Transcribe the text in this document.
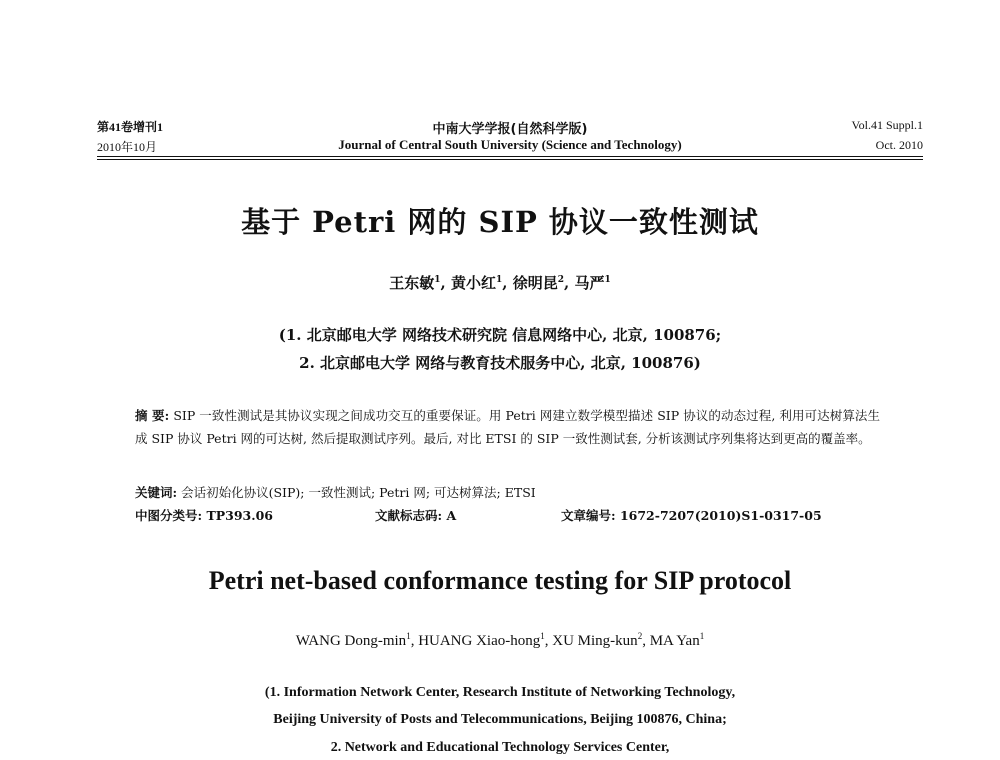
第41卷增刊1
2010年10月
中南大学学报(自然科学版)
Journal of Central South University (Science and Technology)
Vol.41 Suppl.1
Oct. 2010
基于 Petri 网的 SIP 协议一致性测试
王东敏$^1$, 黄小红$^1$, 徐明昆$^2$, 马严$^1$
(1. 北京邮电大学 网络技术研究院 信息网络中心, 北京, 100876;
2. 北京邮电大学 网络与教育技术服务中心, 北京, 100876)
摘 要: SIP 一致性测试是其协议实现之间成功交互的重要保证。用 Petri 网建立数学模型描述 SIP 协议的动态过程, 利用可达树算法生成 SIP 协议 Petri 网的可达树, 然后提取测试序列。最后, 对比 ETSI 的 SIP 一致性测试套, 分析该测试序列集将达到更高的覆盖率。
关键词: 会话初始化协议(SIP); 一致性测试; Petri 网; 可达树算法; ETSI
中图分类号: TP393.06	文献标志码: A	文章编号: 1672-7207(2010)S1-0317-05
Petri net-based conformance testing for SIP protocol
WANG Dong-$\min^1$, HUANG Xiao-hong$^1$, XU Ming-kun$^2$, MA Yan$^1$
(1. Information Network Center, Research Institute of Networking Technology,
Beijing University of Posts and Telecommunications, Beijing 100876, China;
2. Network and Educational Technology Services Center,
